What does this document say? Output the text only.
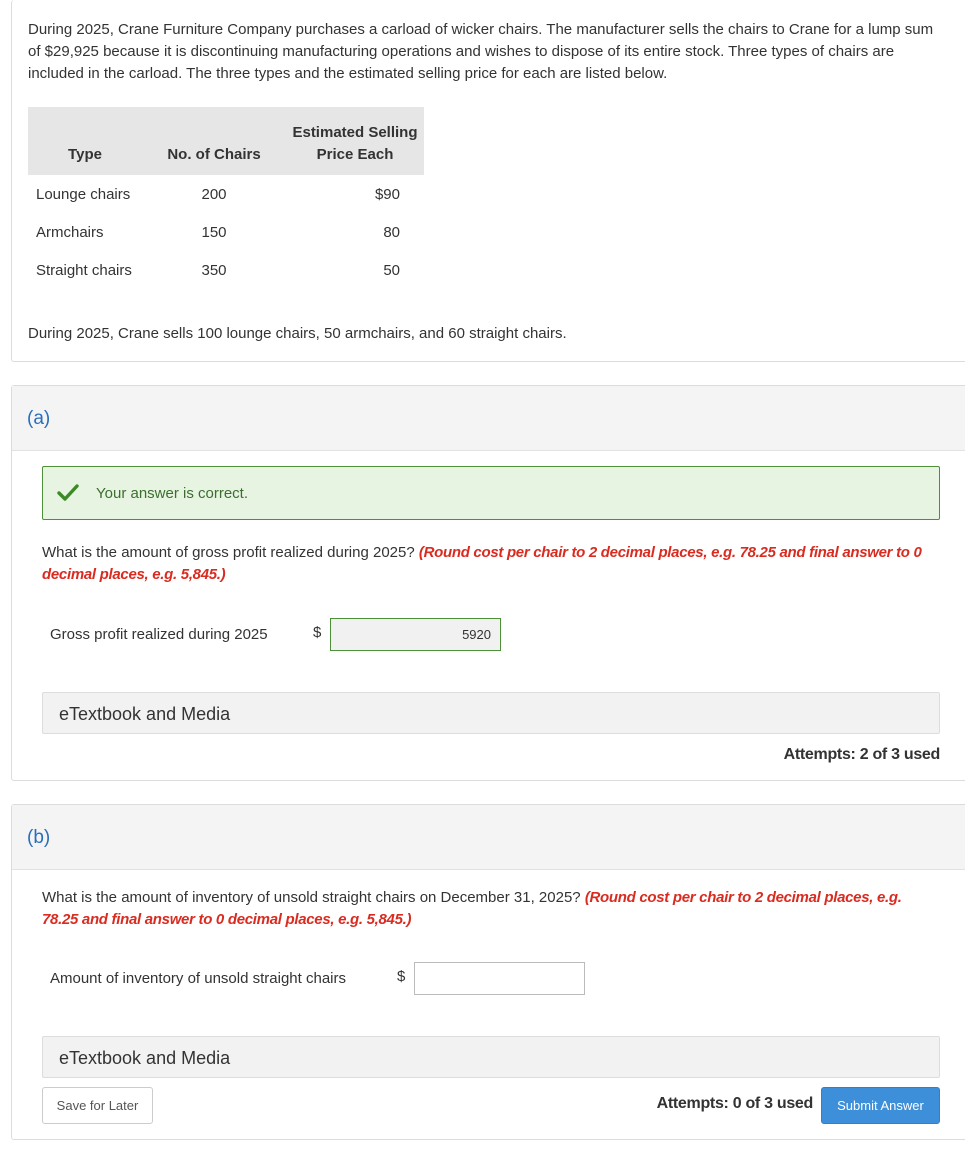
During 2025, Crane Furniture Company purchases a carload of wicker chairs. The manufacturer sells the chairs to Crane for a lump sum of $29,925 because it is discontinuing manufacturing operations and wishes to dispose of its entire stock. Three types of chairs are included in the carload. The three types and the estimated selling price for each are listed below.

Type	No. of Chairs	Estimated Selling
Price Each
Lounge chairs	200	$90
Armchairs	150	80
Straight chairs	350	50

During 2025, Crane sells 100 lounge chairs, 50 armchairs, and 60 straight chairs.

(a)
Your answer is correct.

What is the amount of gross profit realized during 2025? (Round cost per chair to 2 decimal places, e.g. 78.25 and final answer to 0 decimal places, e.g. 5,845.)

Gross profit realized during 2025	$
5920
eTextbook and Media
Attempts: 2 of 3 used
(b)

What is the amount of inventory of unsold straight chairs on December 31, 2025? (Round cost per chair to 2 decimal places, e.g. 78.25 and final answer to 0 decimal places, e.g. 5,845.)

Amount of inventory of unsold straight chairs	$
eTextbook and Media
Save for Later	Attempts: 0 of 3 used	Submit Answer
